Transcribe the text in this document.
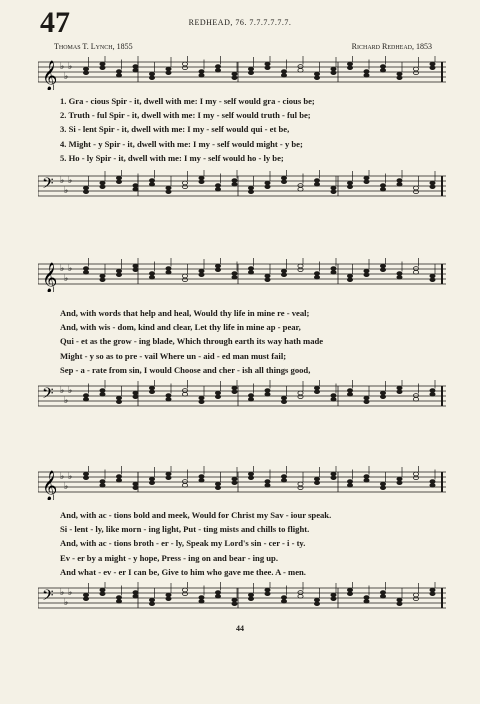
47	REDHEAD, 76. 7.7.7.7.7.7.
Thomas T. Lynch, 1855	Richard Redhead, 1853
𝄞 ♭
♭
♭
1. Gra - cious Spir - it, dwell with me: I my - self would gra - cious be;
2. Truth - ful Spir - it, dwell with me: I my - self would truth - ful be;
3. Si - lent Spir - it, dwell with me: I my - self would qui - et be,
4. Might - y Spir - it, dwell with me: I my - self would might - y be;
5. Ho - ly Spir - it, dwell with me: I my - self would ho - ly be;
𝄢 ♭
♭
♭
𝄞 ♭
♭
♭
And, with words that help and heal, Would thy life in mine re - veal;
And, with wis - dom, kind and clear, Let thy life in mine ap - pear,
Qui - et as the grow - ing blade, Which through earth its way hath made
Might - y so as to pre - vail Where un - aid - ed man must fail;
Sep - a - rate from sin, I would Choose and cher - ish all things good,
𝄢 ♭
♭
♭
𝄞 ♭
♭
♭
And, with ac - tions bold and meek, Would for Christ my Sav - iour speak.
Si - lent - ly, like morn - ing light, Put - ting mists and chills to flight.
And, with ac - tions broth - er - ly, Speak my Lord's sin - cer - i - ty.
Ev - er by a might - y hope, Press - ing on and bear - ing up.
And what - ev - er I can be, Give to him who gave me thee. A - men.
𝄢 ♭
♭
♭
44
